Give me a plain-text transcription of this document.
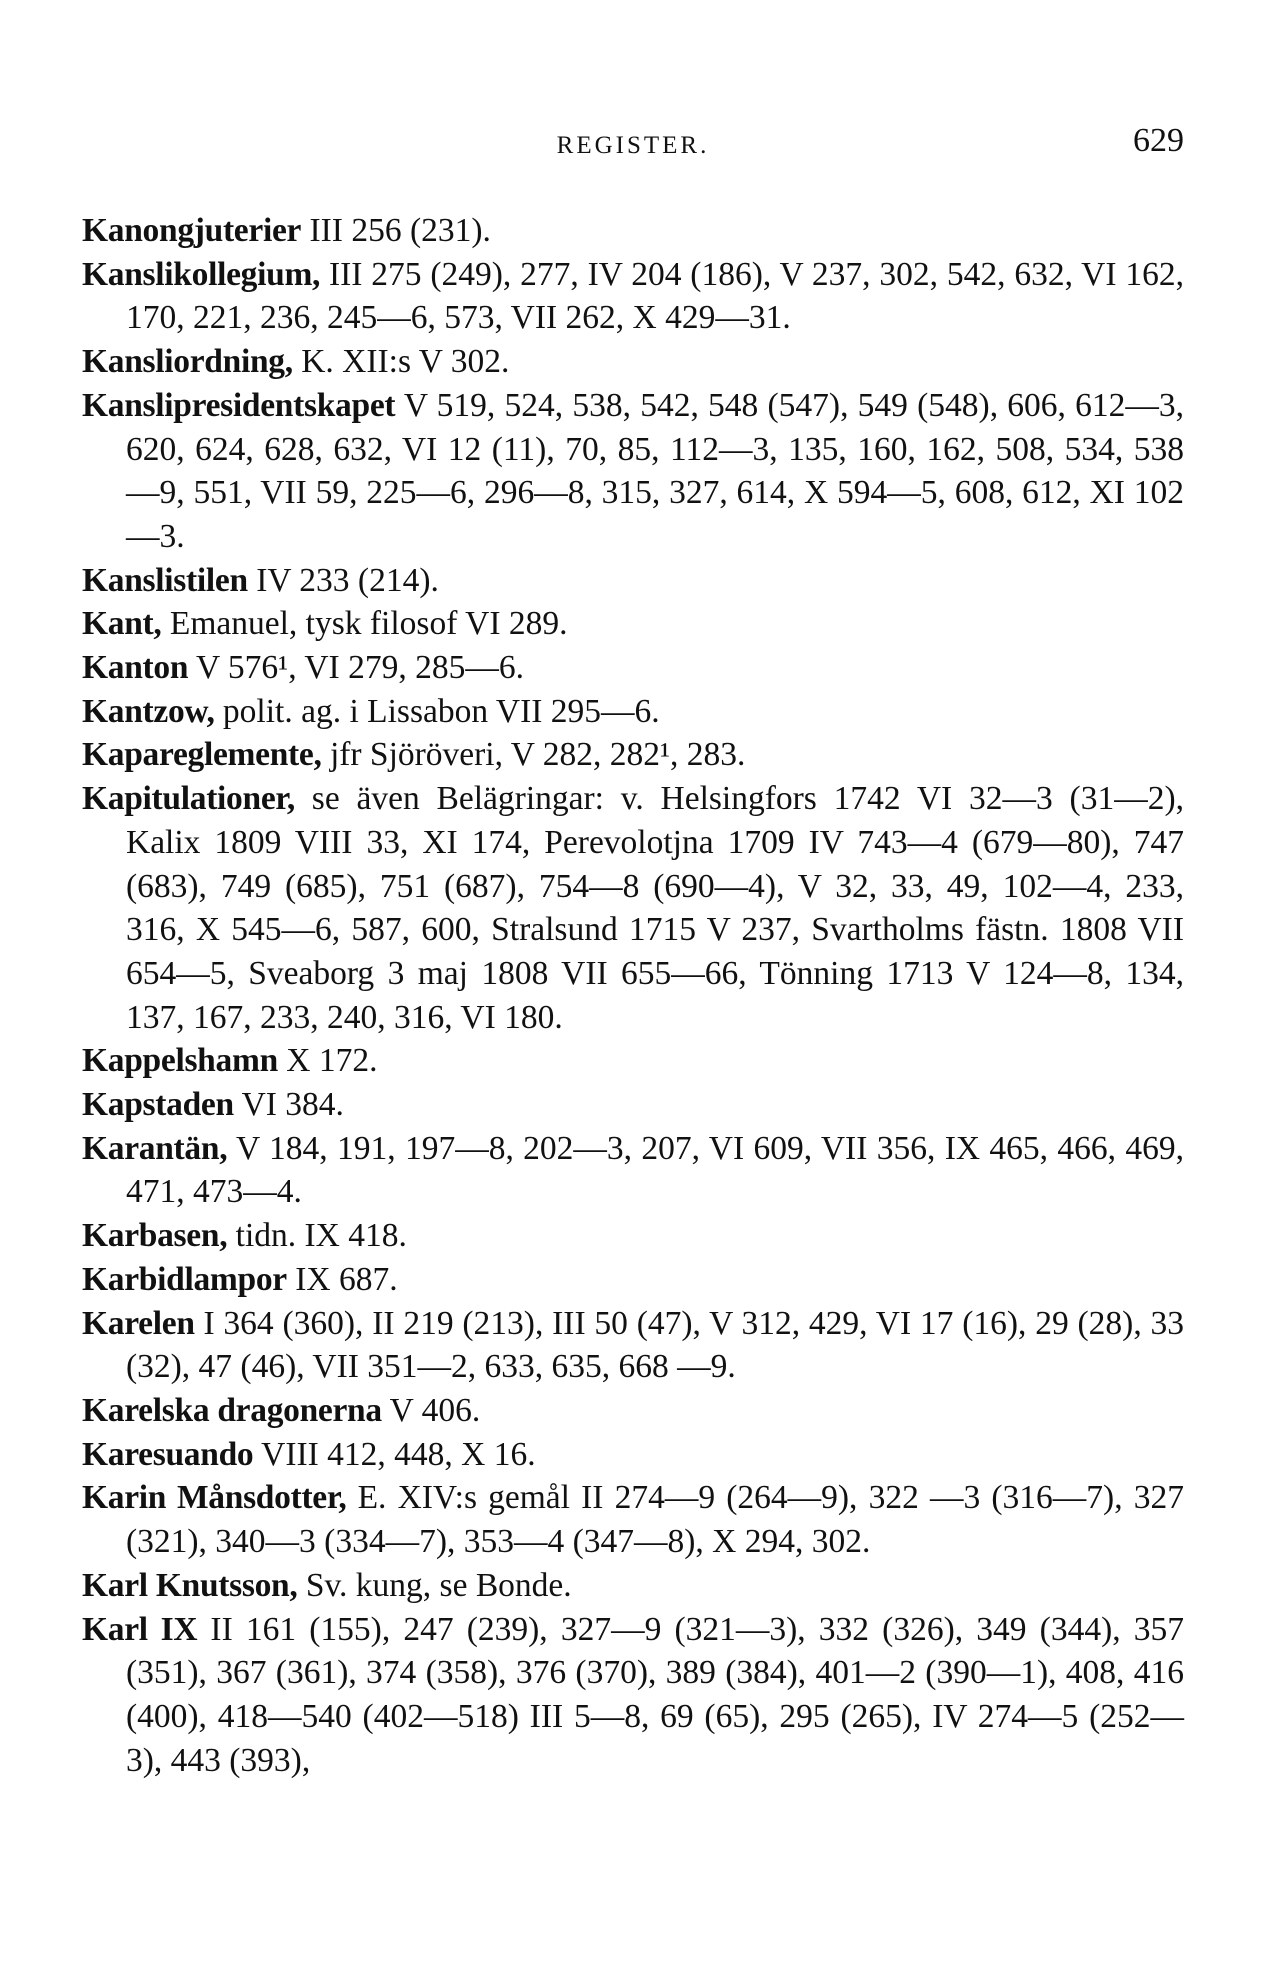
REGISTER.	629

Kanongjuterier III 256 (231).

Kanslikollegium, III 275 (249), 277, IV 204 (186), V 237, 302, 542, 632, VI 162, 170, 221, 236, 245—6, 573, VII 262, X 429—31.

Kansliordning, K. XII:s V 302.

Kanslipresidentskapet V 519, 524, 538, 542, 548 (547), 549 (548), 606, 612—3, 620, 624, 628, 632, VI 12 (11), 70, 85, 112—3, 135, 160, 162, 508, 534, 538—9, 551, VII 59, 225—6, 296—8, 315, 327, 614, X 594—5, 608, 612, XI 102—3.

Kanslistilen IV 233 (214).

Kant, Emanuel, tysk filosof VI 289.

Kanton V 576¹, VI 279, 285—6.

Kantzow, polit. ag. i Lissabon VII 295—6.

Kapareglemente, jfr Sjöröveri, V 282, 282¹, 283.

Kapitulationer, se även Belägringar: v. Helsingfors 1742 VI 32—3 (31—2), Kalix 1809 VIII 33, XI 174, Perevolotjna 1709 IV 743—4 (679—80), 747 (683), 749 (685), 751 (687), 754—8 (690—4), V 32, 33, 49, 102—4, 233, 316, X 545—6, 587, 600, Stralsund 1715 V 237, Svartholms fästn. 1808 VII 654—5, Sveaborg 3 maj 1808 VII 655—66, Tönning 1713 V 124—8, 134, 137, 167, 233, 240, 316, VI 180.

Kappelshamn X 172.

Kapstaden VI 384.

Karantän, V 184, 191, 197—8, 202—3, 207, VI 609, VII 356, IX 465, 466, 469, 471, 473—4.

Karbasen, tidn. IX 418.

Karbidlampor IX 687.

Karelen I 364 (360), II 219 (213), III 50 (47), V 312, 429, VI 17 (16), 29 (28), 33 (32), 47 (46), VII 351—2, 633, 635, 668 —9.

Karelska dragonerna V 406.

Karesuando VIII 412, 448, X 16.

Karin Månsdotter, E. XIV:s gemål II 274—9 (264—9), 322 —3 (316—7), 327 (321), 340—3 (334—7), 353—4 (347—8), X 294, 302.

Karl Knutsson, Sv. kung, se Bonde.

Karl IX II 161 (155), 247 (239), 327—9 (321—3), 332 (326), 349 (344), 357 (351), 367 (361), 374 (358), 376 (370), 389 (384), 401—2 (390—1), 408, 416 (400), 418—540 (402—518) III 5—8, 69 (65), 295 (265), IV 274—5 (252—3), 443 (393),
